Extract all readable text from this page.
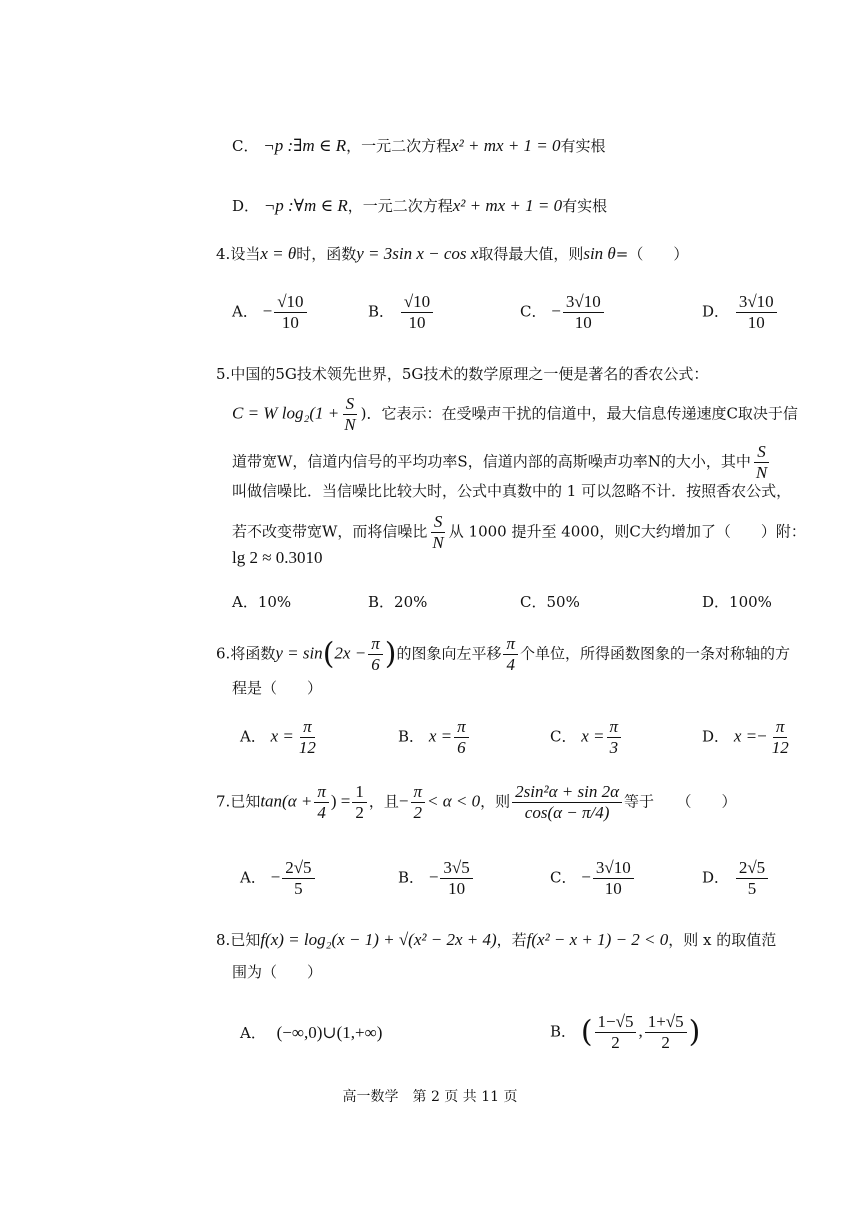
C． ¬p :∃m ∈ R，一元二次方程x² + mx + 1 = 0有实根
D． ¬p :∀m ∈ R，一元二次方程x² + mx + 1 = 0有实根
4.设当x = θ时，函数y = 3sin x − cos x取得最大值，则sin θ=（　　）
A． − $\frac{√10}{10}$	B． $\frac{√10}{10}$	C． − $\frac{3√10}{10}$	D． $\frac{3√10}{10}$
5.中国的5G技术领先世界，5G技术的数学原理之一便是著名的香农公式：
C = W $\log_2(1 + \frac{S}{N}$ )．它表示：在受噪声干扰的信道中，最大信息传递速度C取决于信
道带宽W，信道内信号的平均功率S，信道内部的高斯噪声功率N的大小，其中 $\frac{S}{N}$
叫做信噪比．当信噪比比较大时，公式中真数中的 1 可以忽略不计．按照香农公式，
若不改变带宽W，而将信噪比 $\frac{S}{N}$ 从 1000 提升至 4000，则C大约增加了（　　）附：
lg 2 ≈ 0.3010
A．10%	B．20%	C．50%	D．100%
6.将函数$y = \sin(2x - \frac{\pi}{6}$ )的图象向左平移 $\frac{\pi}{4}$ 个单位，所得函数图象的一条对称轴的方
程是（　　）
A． $x = \frac{\pi}{12}$	B． $x = \frac{\pi}{6}$	C． $x = \frac{\pi}{3}$	D． $x =- \frac{\pi}{12}$
7.已知$\tan(\alpha + \frac{\pi}{4}$ ) = $\frac{1}{2}$ ，且− $\frac{\pi}{2} < \alpha < 0$，则 $\frac{\text{2sin²α + sin 2α}}{\cos(\alpha - \pi/4)}$ 等于　　（　　）
A． − $\frac{2√5}{5}$	B． − $\frac{3√5}{10}$	C． − $\frac{3√10}{10}$	D． $\frac{2√5}{5}$
8.已知f(x) = log₂(x − 1) + √(x² − 2x + 4)，若f(x² − x + 1) − 2 < 0，则 x 的取值范
围为（　　）
A． (−∞,0)∪(1,+∞)	B． ( $\frac{1-√5}{2}$ , $\frac{1+√5}{2}$ )
高一数学　第 2 页 共 11 页
